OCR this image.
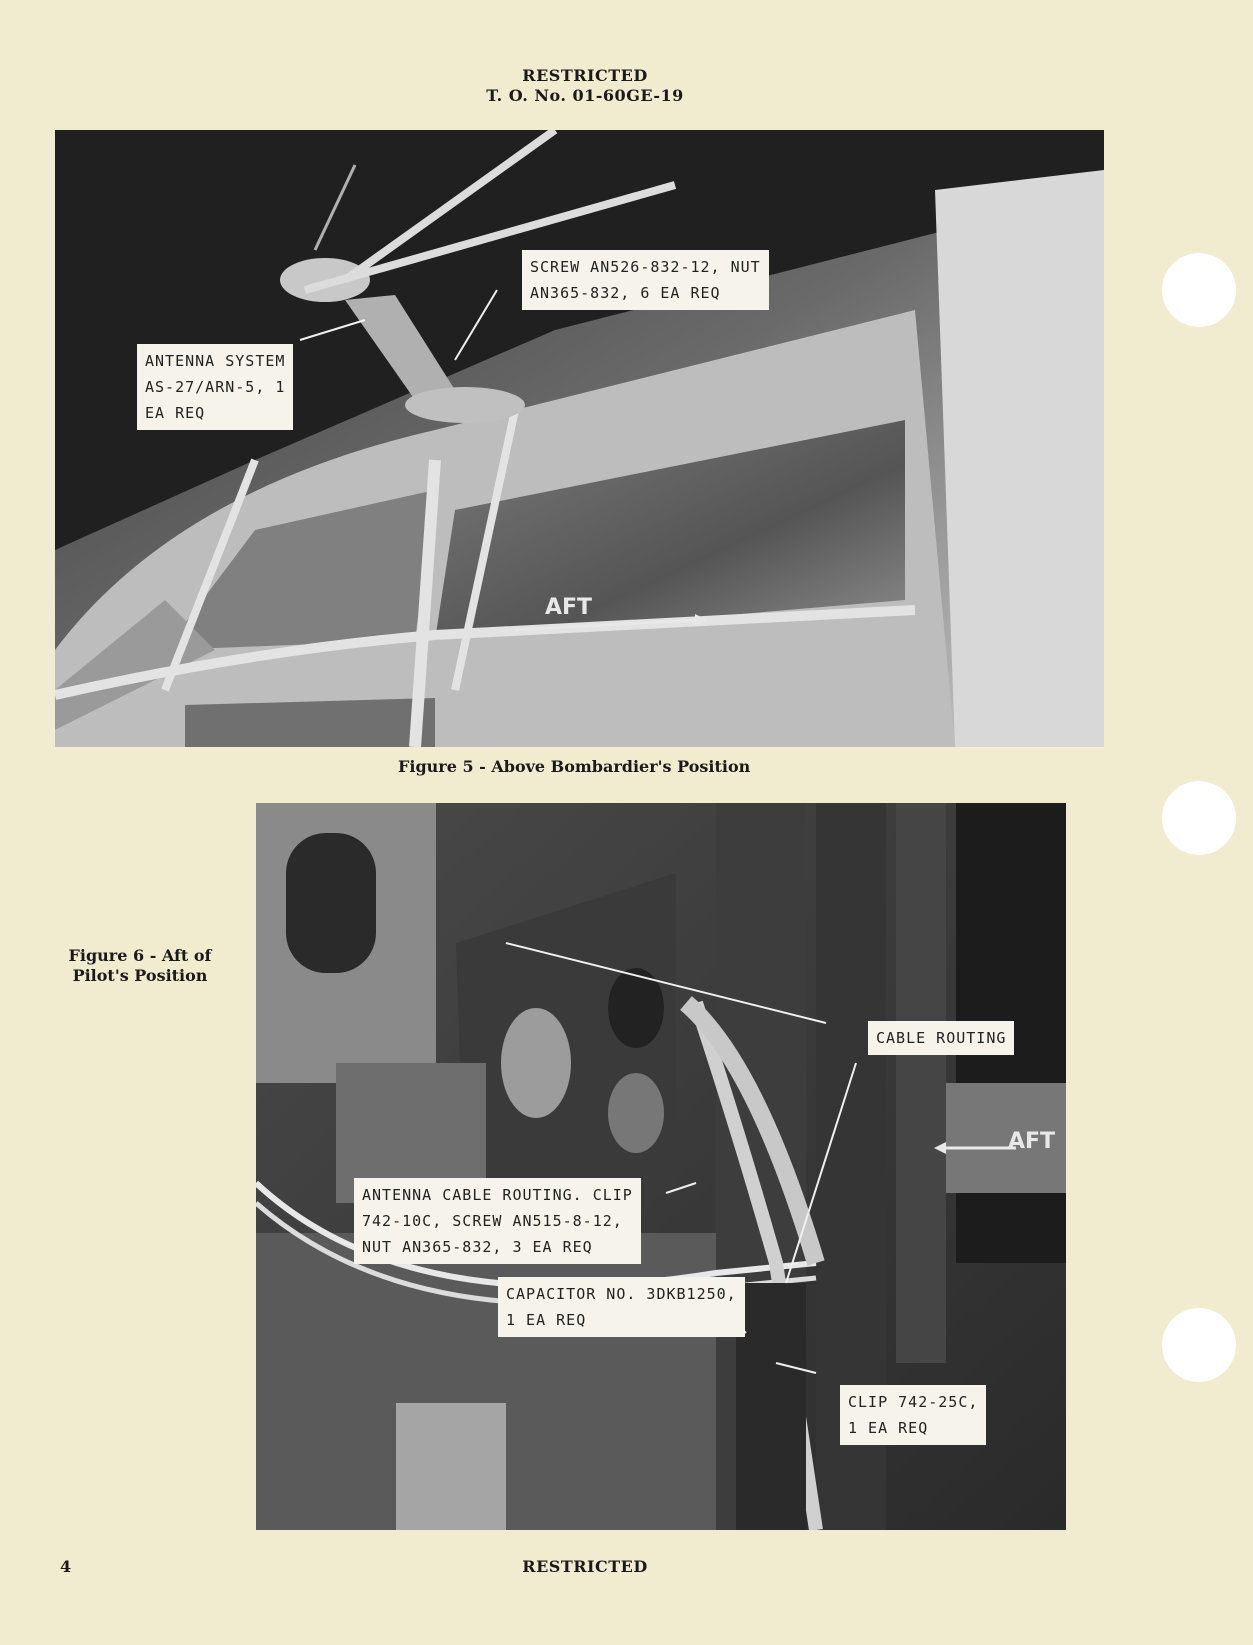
RESTRICTED
T. O. No. 01-60GE-19
AFT
SCREW AN526-832-12, NUT
AN365-832, 6 EA REQ
ANTENNA SYSTEM
AS-27/ARN-5, 1
EA REQ
Figure 5 - Above Bombardier's Position
Figure 6 - Aft of
Pilot's Position
AFT
CABLE ROUTING
ANTENNA CABLE ROUTING. CLIP
742-10C, SCREW AN515-8-12,
NUT AN365-832, 3 EA REQ
CAPACITOR NO. 3DKB1250,
1 EA REQ
CLIP 742-25C,
1 EA REQ
4	RESTRICTED
